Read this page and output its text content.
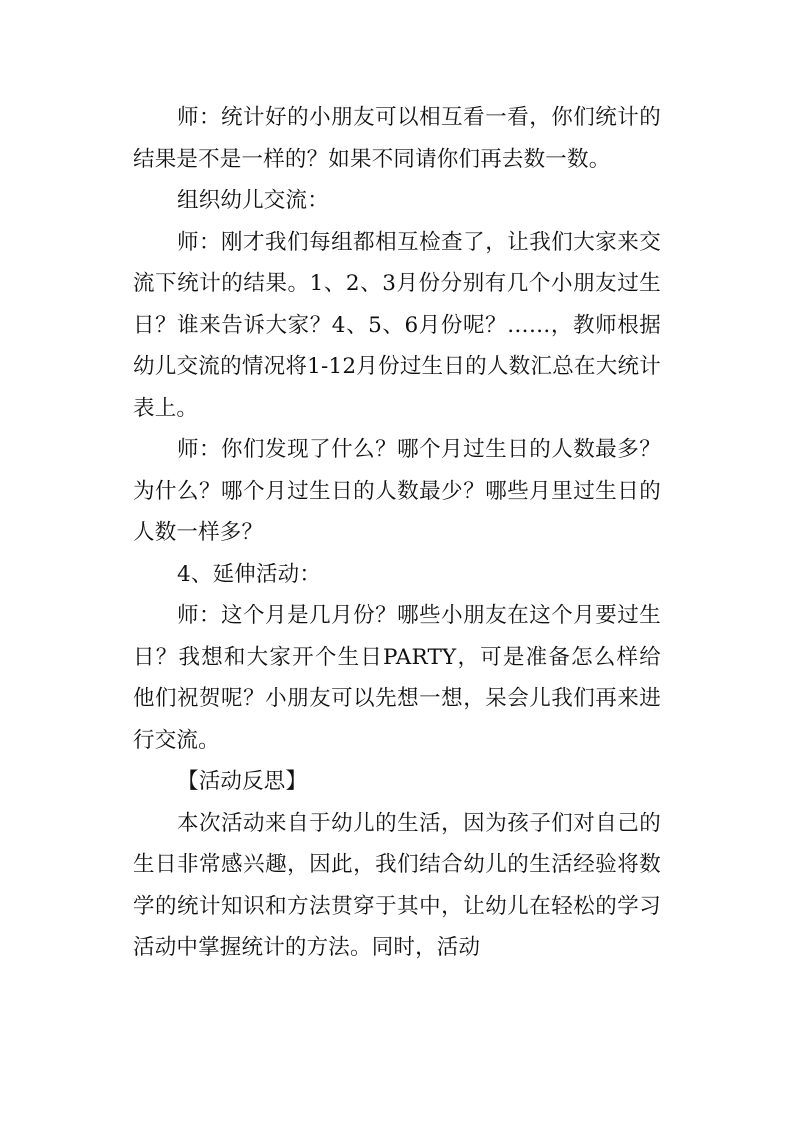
师：统计好的小朋友可以相互看一看，你们统计的结果是不是一样的？如果不同请你们再去数一数。

组织幼儿交流：

师：刚才我们每组都相互检查了，让我们大家来交流下统计的结果。1、2、3月份分别有几个小朋友过生日？谁来告诉大家？4、5、6月份呢？……，教师根据幼儿交流的情况将1-12月份过生日的人数汇总在大统计表上。

师：你们发现了什么？哪个月过生日的人数最多？为什么？哪个月过生日的人数最少？哪些月里过生日的人数一样多？

4、延伸活动：

师：这个月是几月份？哪些小朋友在这个月要过生日？我想和大家开个生日PARTY，可是准备怎么样给他们祝贺呢？小朋友可以先想一想，呆会儿我们再来进行交流。

【活动反思】

本次活动来自于幼儿的生活，因为孩子们对自己的生日非常感兴趣，因此，我们结合幼儿的生活经验将数学的统计知识和方法贯穿于其中，让幼儿在轻松的学习活动中掌握统计的方法。同时，活动
